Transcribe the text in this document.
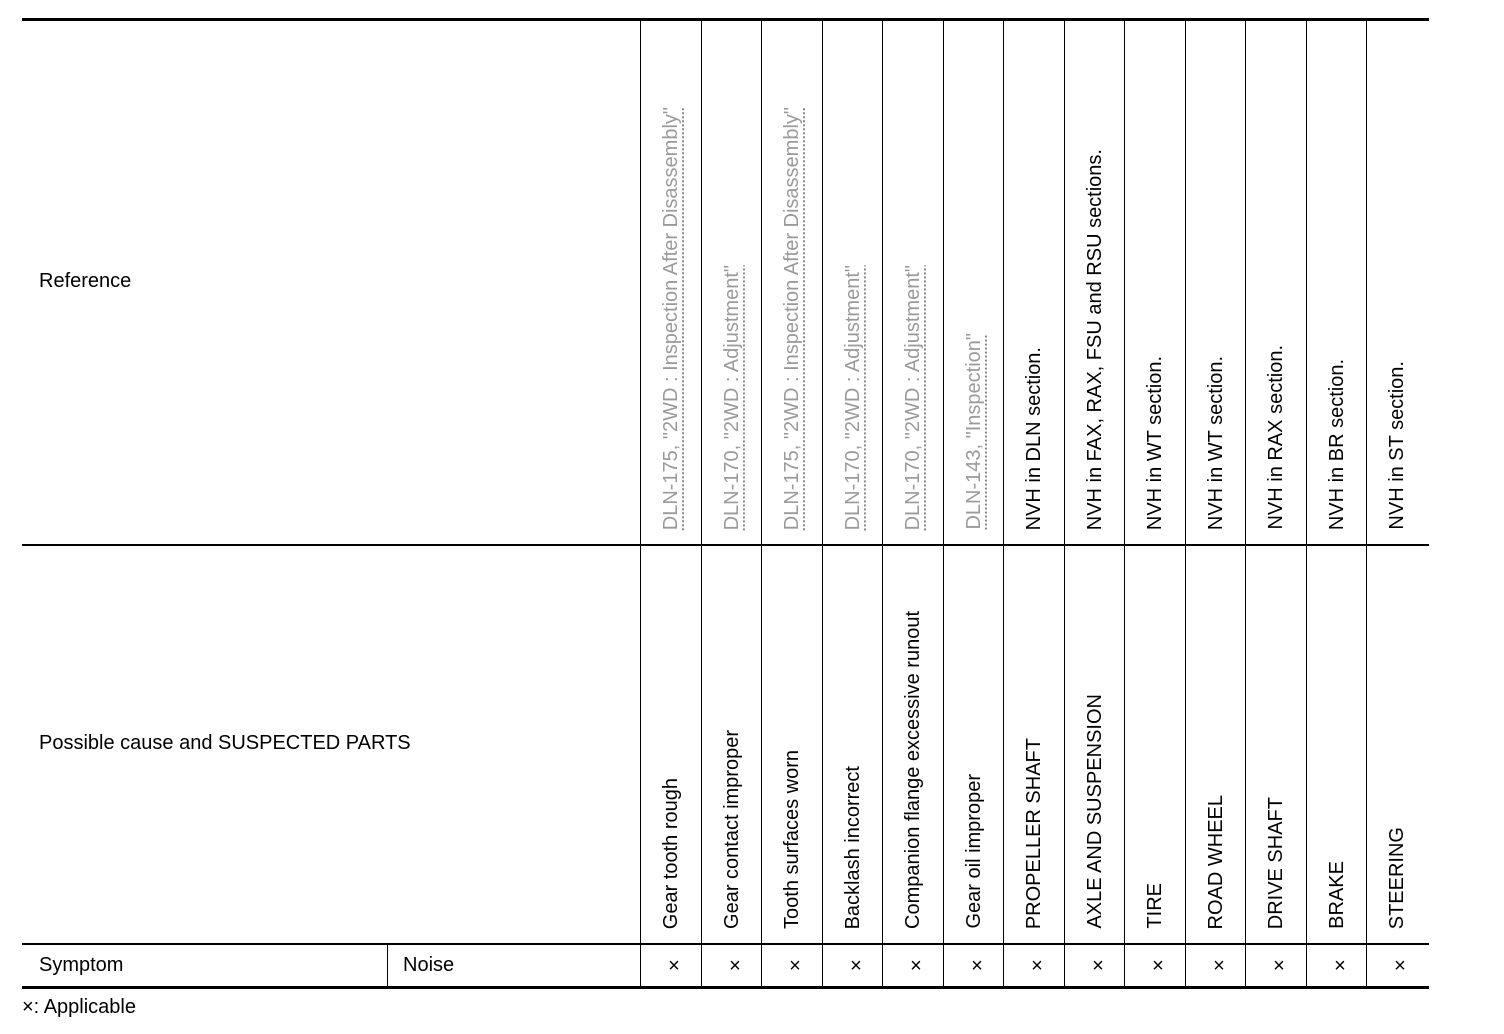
Reference
Possible cause and SUSPECTED PARTS
Symptom	Noise
DLN-175, "2WD : Inspection After Disassembly"
Gear tooth rough
×
DLN-170, "2WD : Adjustment"
Gear contact improper
×
DLN-175, "2WD : Inspection After Disassembly"
Tooth surfaces worn
×
DLN-170, "2WD : Adjustment"
Backlash incorrect
×
DLN-170, "2WD : Adjustment"
Companion flange excessive runout
×
DLN-143, "Inspection"
Gear oil improper
×
NVH in DLN section.
PROPELLER SHAFT
×
NVH in FAX, RAX, FSU and RSU sections.
AXLE AND SUSPENSION
×
NVH in WT section.
TIRE
×
NVH in WT section.
ROAD WHEEL
×
NVH in RAX section.
DRIVE SHAFT
×
NVH in BR section.
BRAKE
×
NVH in ST section.
STEERING
×
×: Applicable
